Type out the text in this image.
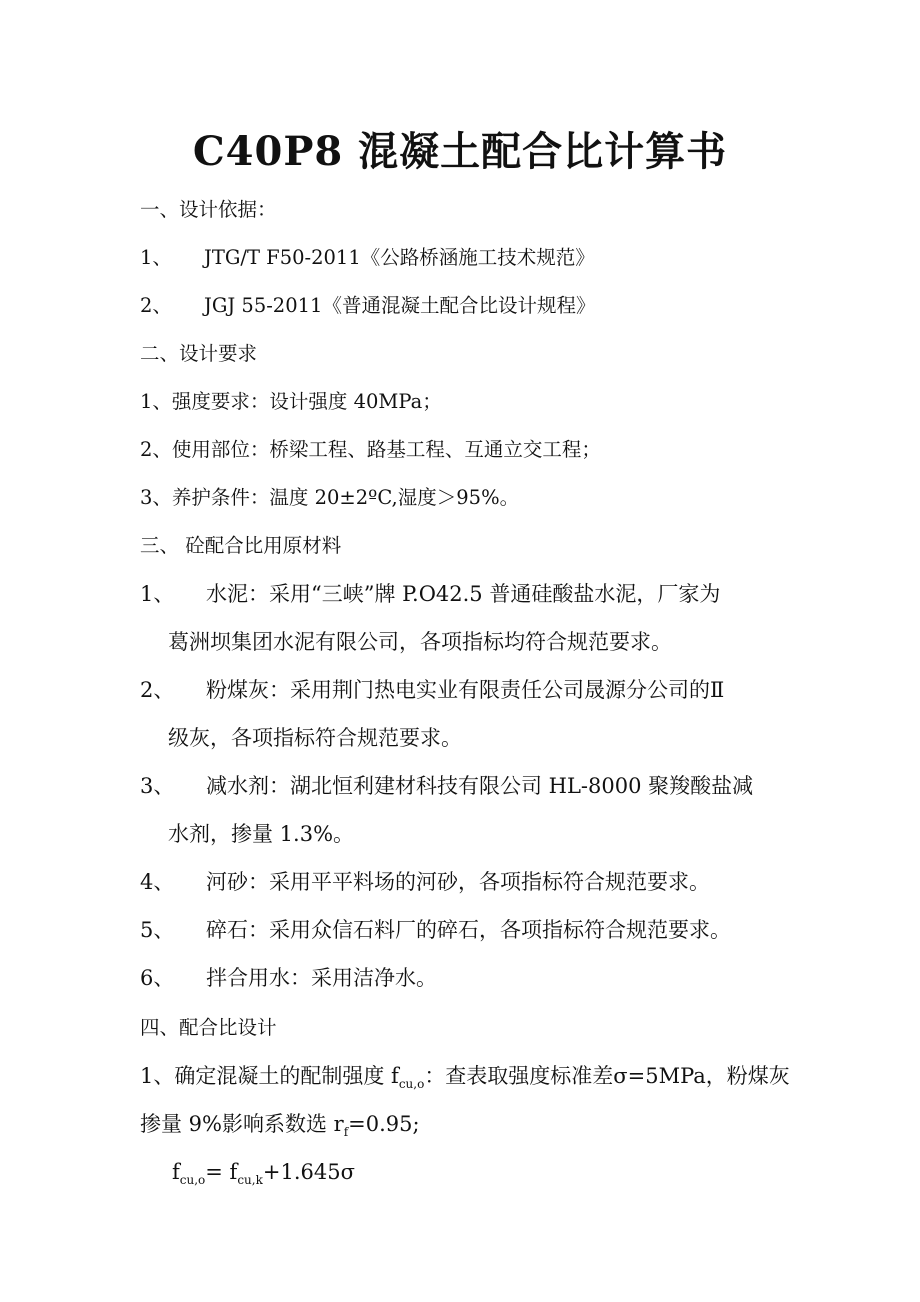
C40P8 混凝土配合比计算书
一、设计依据：
1、 JTG/T F50-2011《公路桥涵施工技术规范》
2、 JGJ 55-2011《普通混凝土配合比设计规程》
二、设计要求
1、强度要求：设计强度 40MPa；
2、使用部位：桥梁工程、路基工程、互通立交工程；
3、养护条件：温度 20±2ºC,湿度＞95%。
三、 砼配合比用原材料
1、 水泥：采用“三峡”牌 P.O42.5 普通硅酸盐水泥，厂家为
葛洲坝集团水泥有限公司，各项指标均符合规范要求。
2、 粉煤灰：采用荆门热电实业有限责任公司晟源分公司的Ⅱ
级灰，各项指标符合规范要求。
3、 减水剂：湖北恒利建材科技有限公司 HL-8000 聚羧酸盐减
水剂，掺量 1.3%。
4、 河砂：采用平平料场的河砂，各项指标符合规范要求。
5、 碎石：采用众信石料厂的碎石，各项指标符合规范要求。
6、 拌合用水：采用洁净水。
四、配合比设计
1、确定混凝土的配制强度 $f_{cu,o}$：查表取强度标准差σ=5MPa，粉煤灰
掺量 9%影响系数选 $r_f=0.95$;
$f_{cu,o}= f_{cu,k}+1.645\sigma$
